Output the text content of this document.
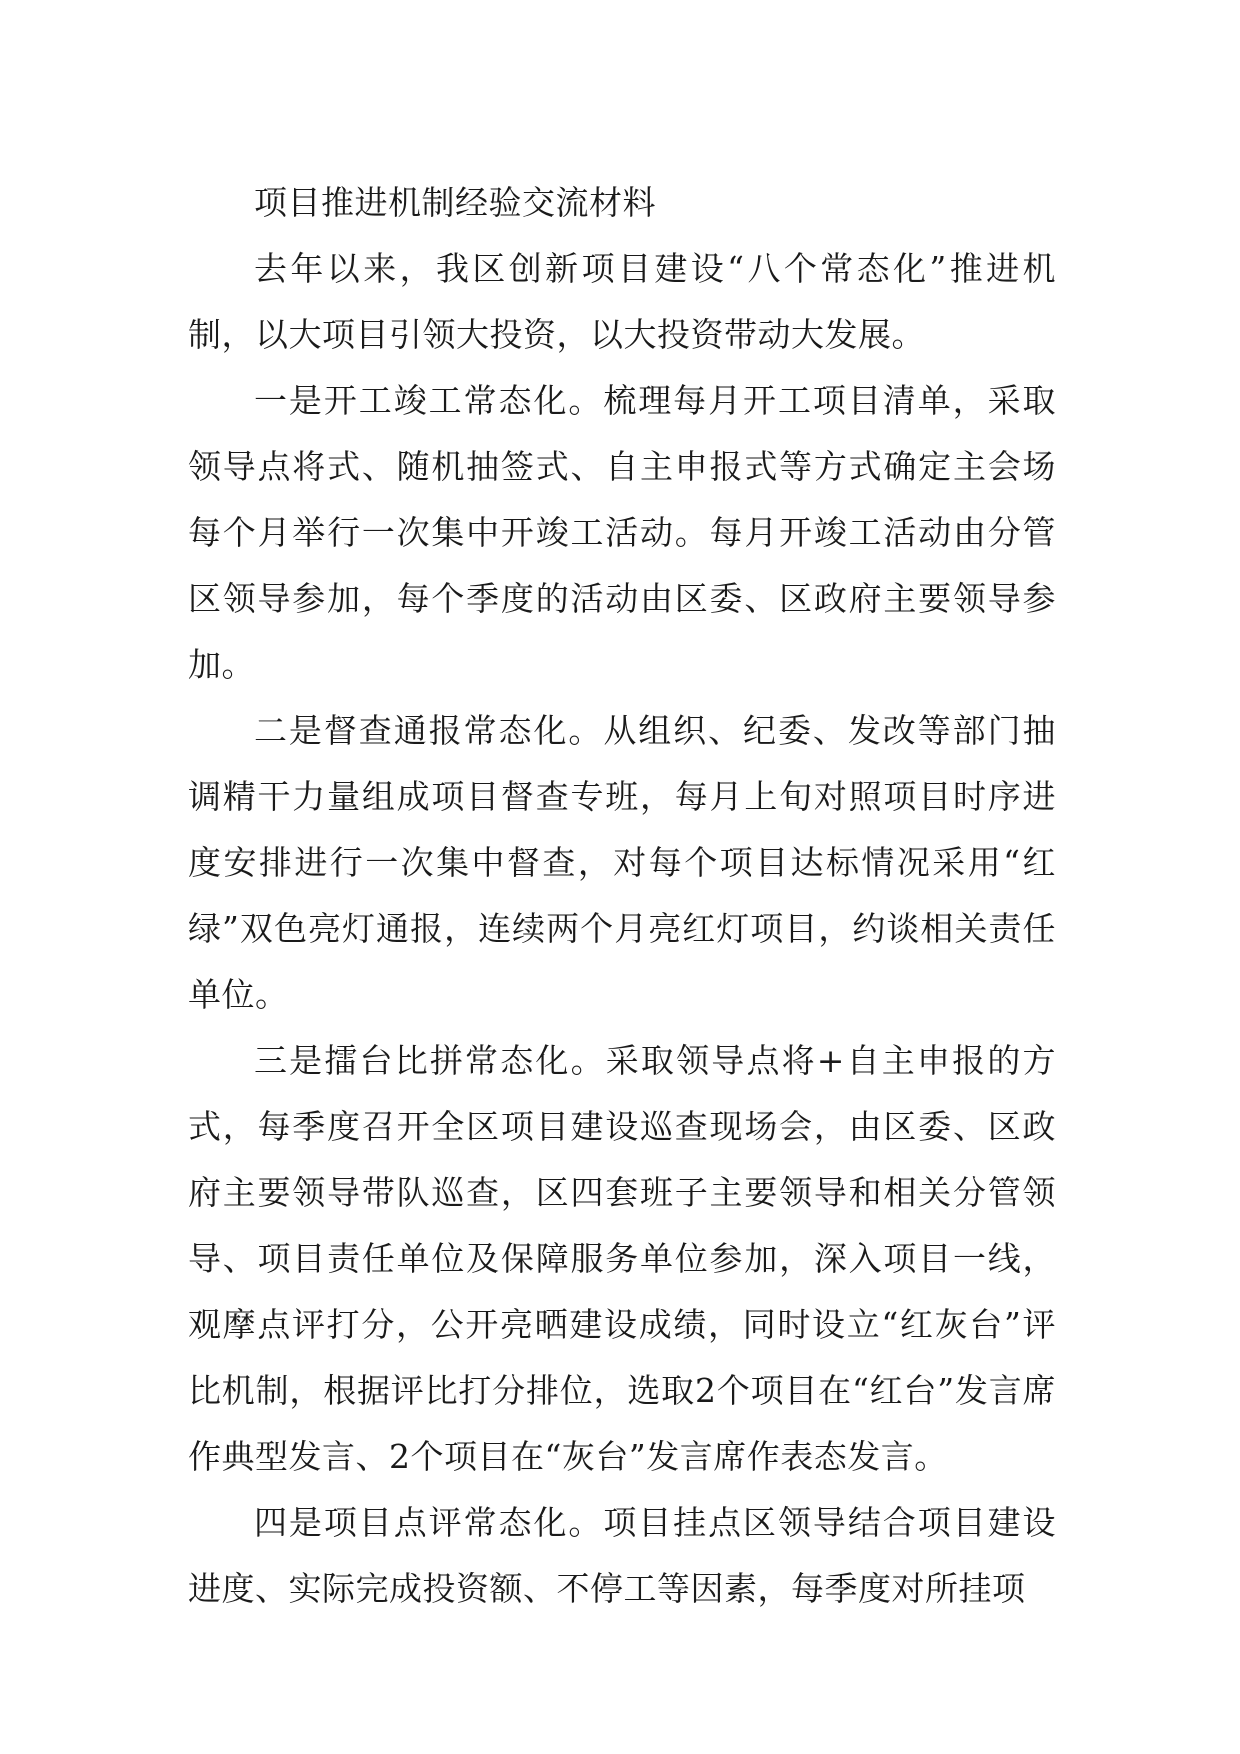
项目推进机制经验交流材料

去年以来，我区创新项目建设“八个常态化”推进机制，以大项目引领大投资，以大投资带动大发展。

一是开工竣工常态化。梳理每月开工项目清单，采取领导点将式、随机抽签式、自主申报式等方式确定主会场每个月举行一次集中开竣工活动。每月开竣工活动由分管区领导参加，每个季度的活动由区委、区政府主要领导参加。

二是督查通报常态化。从组织、纪委、发改等部门抽调精干力量组成项目督查专班，每月上旬对照项目时序进度安排进行一次集中督查，对每个项目达标情况采用“红绿”双色亮灯通报，连续两个月亮红灯项目，约谈相关责任单位。

三是擂台比拼常态化。采取领导点将+自主申报的方式，每季度召开全区项目建设巡查现场会，由区委、区政府主要领导带队巡查，区四套班子主要领导和相关分管领导、项目责任单位及保障服务单位参加，深入项目一线，观摩点评打分，公开亮晒建设成绩，同时设立“红灰台”评比机制，根据评比打分排位，选取2个项目在“红台”发言席作典型发言、2个项目在“灰台”发言席作表态发言。

四是项目点评常态化。项目挂点区领导结合项目建设进度、实际完成投资额、不停工等因素，每季度对所挂项
